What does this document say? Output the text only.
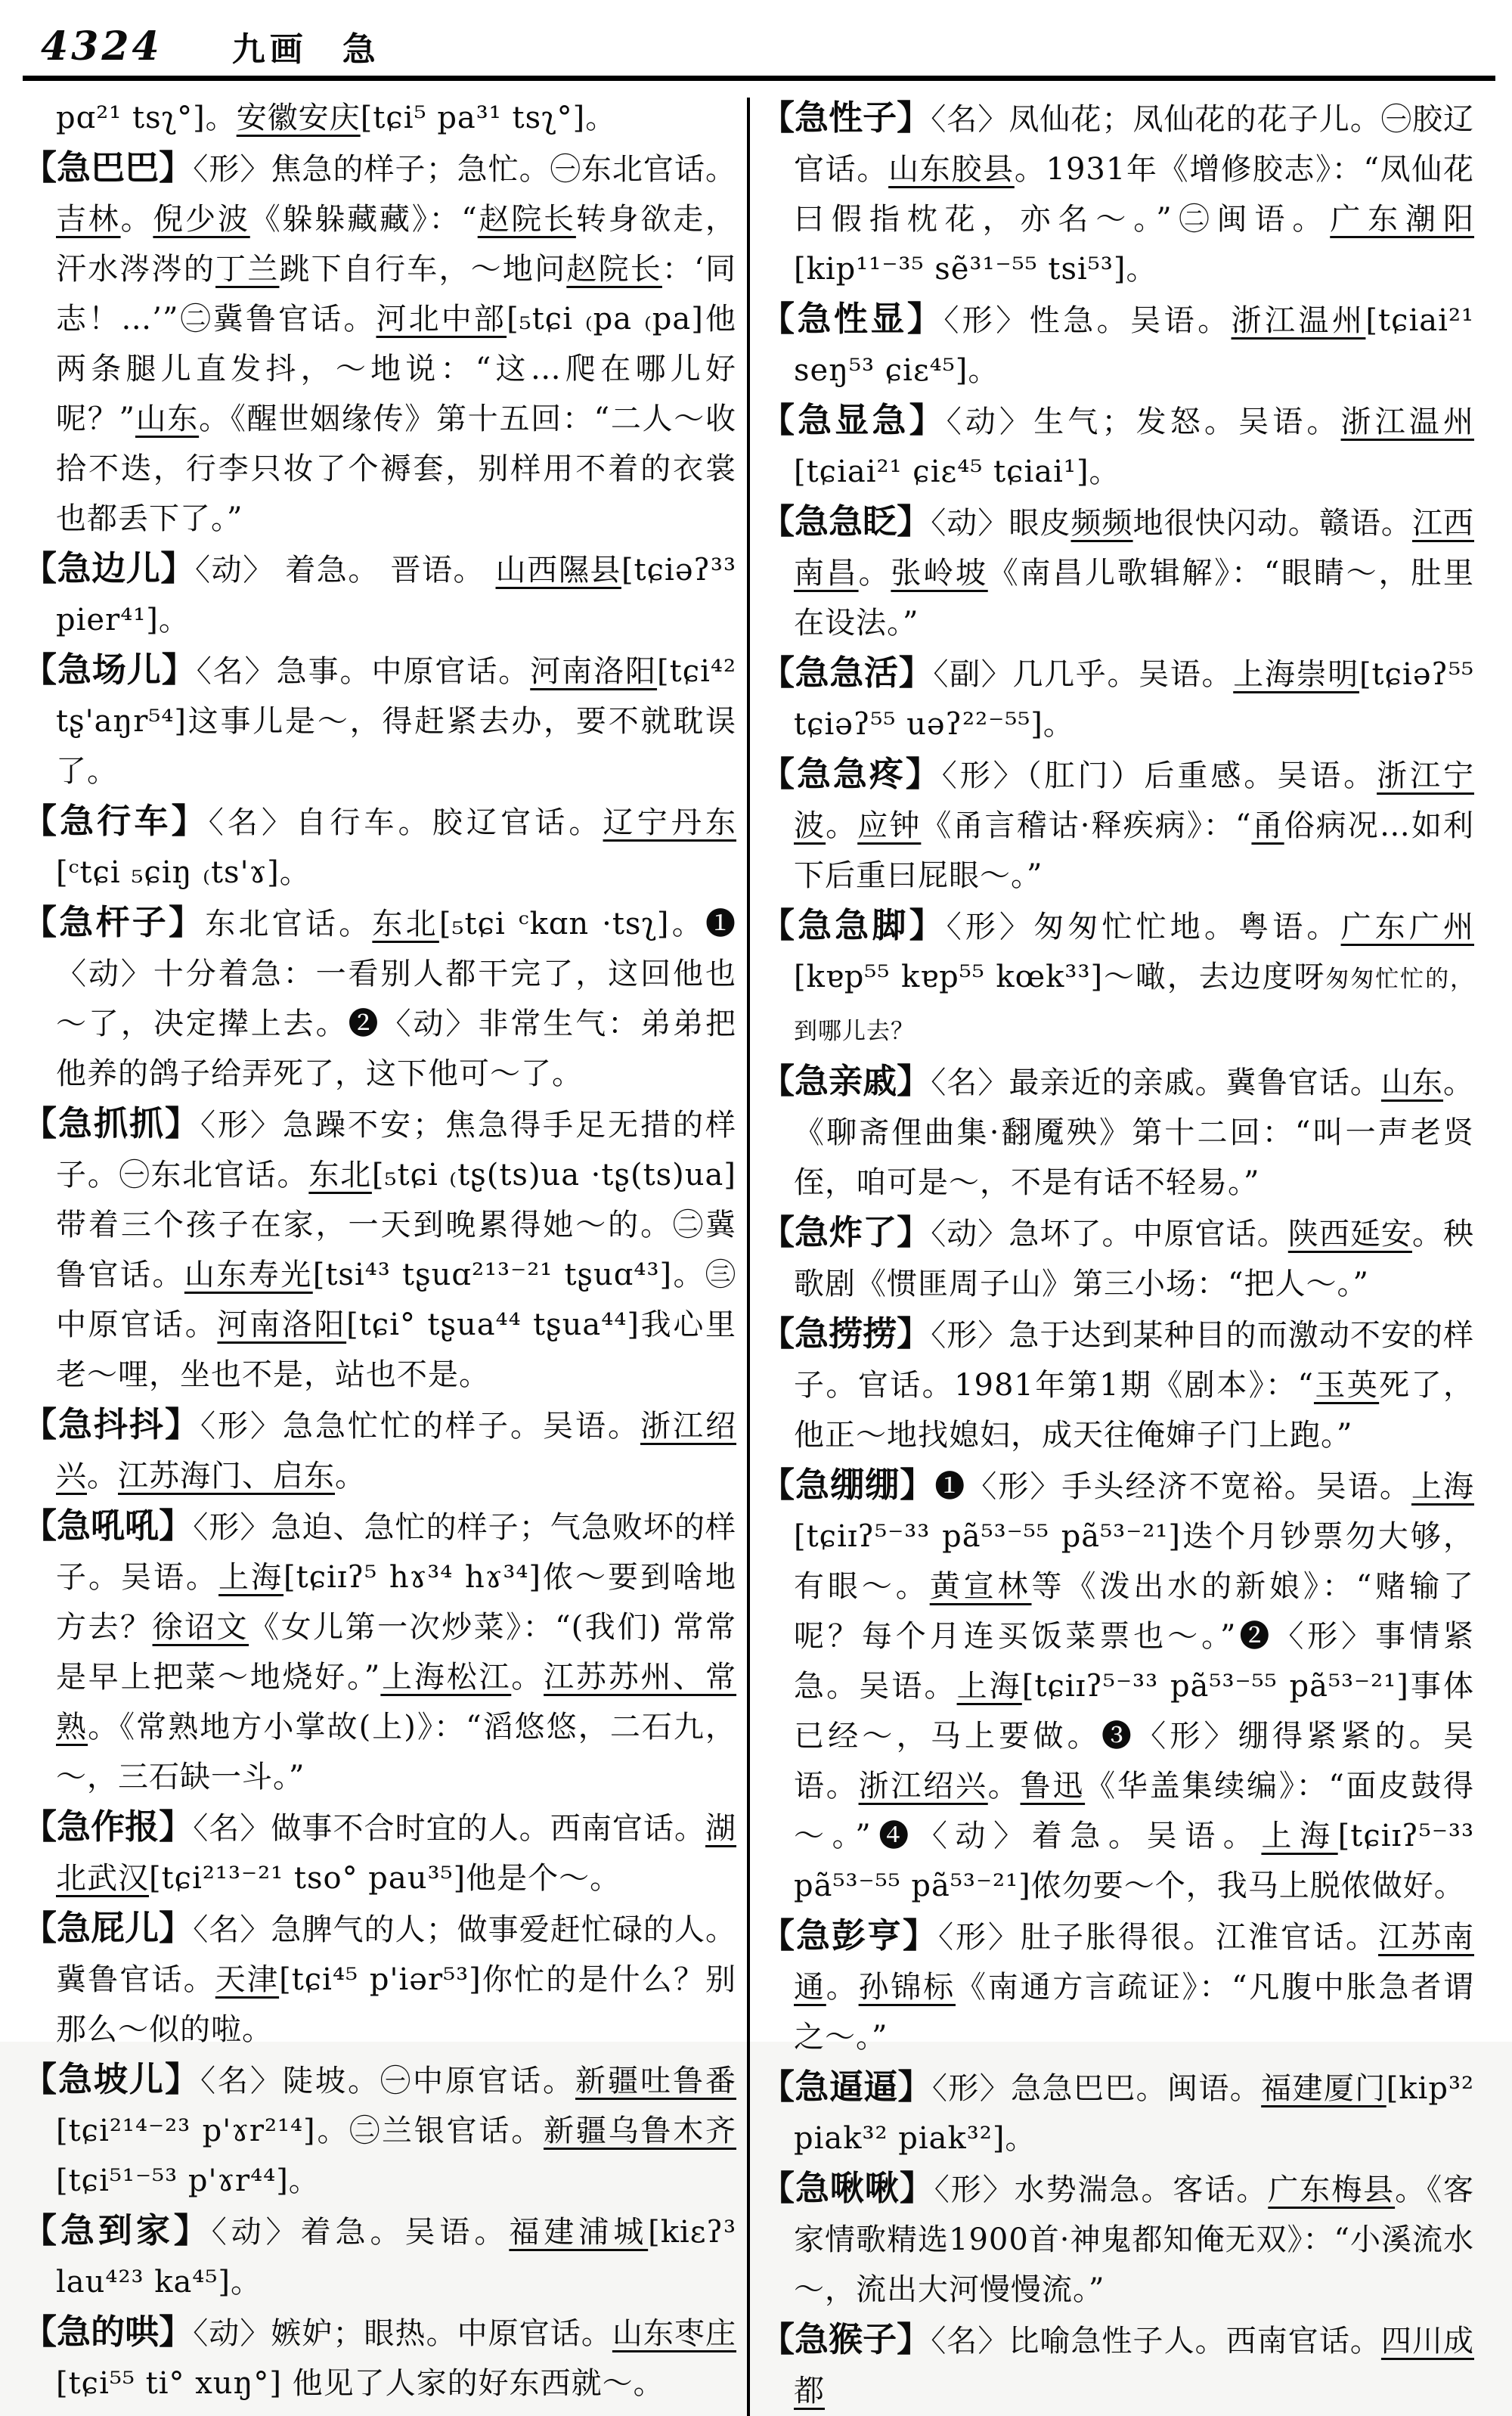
4324 九画 急

pɑ²¹ tsʅ°]。安徽安庆[tɕi⁵ pa³¹ tsʅ°]。

【急巴巴】〈形〉焦急的样子；急忙。㊀东北官话。吉林。倪少波《躲躲藏藏》：“赵院长转身欲走，汗水涔涔的丁兰跳下自行车，～地问赵院长：‘同志！…’”㊁冀鲁官话。河北中部[₅tɕi ₍pa ₍pa]他两条腿儿直发抖，～地说：“这…爬在哪儿好呢？”山东。《醒世姻缘传》第十五回：“二人～收拾不迭，行李只妆了个褥套，别样用不着的衣裳也都丢下了。”

【急边儿】〈动〉 着急。 晋语。 山西隰县[tɕiəʔ³³ pier⁴¹]。

【急场儿】〈名〉急事。中原官话。河南洛阳[tɕi⁴² tʂ'aŋr⁵⁴]这事儿是～，得赶紧去办，要不就耽误了。

【急行车】〈名〉自行车。胶辽官话。辽宁丹东[ᶜtɕi ₅ɕiŋ ₍ts'ɤ]。

【急杆子】东北官话。东北[₅tɕi ᶜkɑn ·tsʅ]。❶〈动〉十分着急：一看别人都干完了，这回他也～了，决定撵上去。❷〈动〉非常生气：弟弟把他养的鸽子给弄死了，这下他可～了。

【急抓抓】〈形〉急躁不安；焦急得手足无措的样子。㊀东北官话。东北[₅tɕi ₍tʂ(ts)ua ·tʂ(ts)ua]带着三个孩子在家，一天到晚累得她～的。㊁冀鲁官话。山东寿光[tsi⁴³ tʂuɑ²¹³⁻²¹ tʂuɑ⁴³]。㊂中原官话。河南洛阳[tɕi° tʂua⁴⁴ tʂua⁴⁴]我心里老～哩，坐也不是，站也不是。

【急抖抖】〈形〉急急忙忙的样子。吴语。浙江绍兴。江苏海门、启东。

【急吼吼】〈形〉急迫、急忙的样子；气急败坏的样子。吴语。上海[tɕiɪʔ⁵ hɤ³⁴ hɤ³⁴]侬～要到啥地方去？徐诏文《女儿第一次炒菜》：“(我们) 常常是早上把菜～地烧好。”上海松江。江苏苏州、常熟。《常熟地方小掌故(上)》：“滔悠悠，二石九，～，三石缺一斗。”

【急作报】〈名〉做事不合时宜的人。西南官话。湖北武汉[tɕi²¹³⁻²¹ tso° pau³⁵]他是个～。

【急屁儿】〈名〉急脾气的人；做事爱赶忙碌的人。冀鲁官话。天津[tɕi⁴⁵ p'iər⁵³]你忙的是什么？别那么～似的啦。

【急坡儿】〈名〉陡坡。㊀中原官话。新疆吐鲁番[tɕi²¹⁴⁻²³ p'ɤr²¹⁴]。㊁兰银官话。新疆乌鲁木齐[tɕi⁵¹⁻⁵³ p'ɤr⁴⁴]。

【急到家】〈动〉着急。吴语。福建浦城[kiɛʔ³ lau⁴²³ ka⁴⁵]。

【急的哄】〈动〉嫉妒；眼热。中原官话。山东枣庄[tɕi⁵⁵ ti° xuŋ°] 他见了人家的好东西就～。

【急性子】〈名〉凤仙花；凤仙花的花子儿。㊀胶辽官话。山东胶县。1931年《增修胶志》：“凤仙花曰假指枕花，亦名～。”㊁闽语。广东潮阳[kip¹¹⁻³⁵ sẽ³¹⁻⁵⁵ tsi⁵³]。

【急性显】〈形〉性急。吴语。浙江温州[tɕiai²¹ seŋ⁵³ ɕiɛ⁴⁵]。

【急显急】〈动〉生气；发怒。吴语。浙江温州[tɕiai²¹ ɕiɛ⁴⁵ tɕiai¹]。

【急急眨】〈动〉眼皮频频地很快闪动。赣语。江西南昌。张岭坡《南昌儿歌辑解》：“眼睛～，肚里在设法。”

【急急活】〈副〉几几乎。吴语。上海崇明[tɕiəʔ⁵⁵ tɕiəʔ⁵⁵ uəʔ²²⁻⁵⁵]。

【急急疼】〈形〉（肛门）后重感。吴语。浙江宁波。应钟《甬言稽诂·释疾病》：“甬俗病况…如利下后重曰屁眼～。”

【急急脚】〈形〉匆匆忙忙地。粤语。广东广州[kɐp⁵⁵ kɐp⁵⁵ kœk³³]～噉，去边度呀匆匆忙忙的，到哪儿去？

【急亲戚】〈名〉最亲近的亲戚。冀鲁官话。山东。《聊斋俚曲集·翻魇殃》第十二回：“叫一声老贤侄，咱可是～，不是有话不轻易。”

【急炸了】〈动〉急坏了。中原官话。陕西延安。秧歌剧《惯匪周子山》第三小场：“把人～。”

【急捞捞】〈形〉急于达到某种目的而激动不安的样子。官话。1981年第1期《剧本》：“玉英死了，他正～地找媳妇，成天往俺婶子门上跑。”

【急绷绷】❶〈形〉手头经济不宽裕。吴语。上海[tɕiɪʔ⁵⁻³³ pã⁵³⁻⁵⁵ pã⁵³⁻²¹]迭个月钞票勿大够，有眼～。黄宣林等《泼出水的新娘》：“赌输了呢？每个月连买饭菜票也～。”❷〈形〉事情紧急。吴语。上海[tɕiɪʔ⁵⁻³³ pã⁵³⁻⁵⁵ pã⁵³⁻²¹]事体已经～，马上要做。❸〈形〉绷得紧紧的。吴语。浙江绍兴。鲁迅《华盖集续编》：“面皮鼓得～。”❹〈动〉着急。吴语。上海[tɕiɪʔ⁵⁻³³ pã⁵³⁻⁵⁵ pã⁵³⁻²¹]侬勿要～个，我马上脱侬做好。

【急彭亨】〈形〉肚子胀得很。江淮官话。江苏南通。孙锦标《南通方言疏证》：“凡腹中胀急者谓之～。”

【急逼逼】〈形〉急急巴巴。闽语。福建厦门[kip³² piak³² piak³²]。

【急啾啾】〈形〉水势湍急。客话。广东梅县。《客家情歌精选1900首·神鬼都知俺无双》：“小溪流水～，流出大河慢慢流。”

【急猴子】〈名〉比喻急性子人。西南官话。四川成都
